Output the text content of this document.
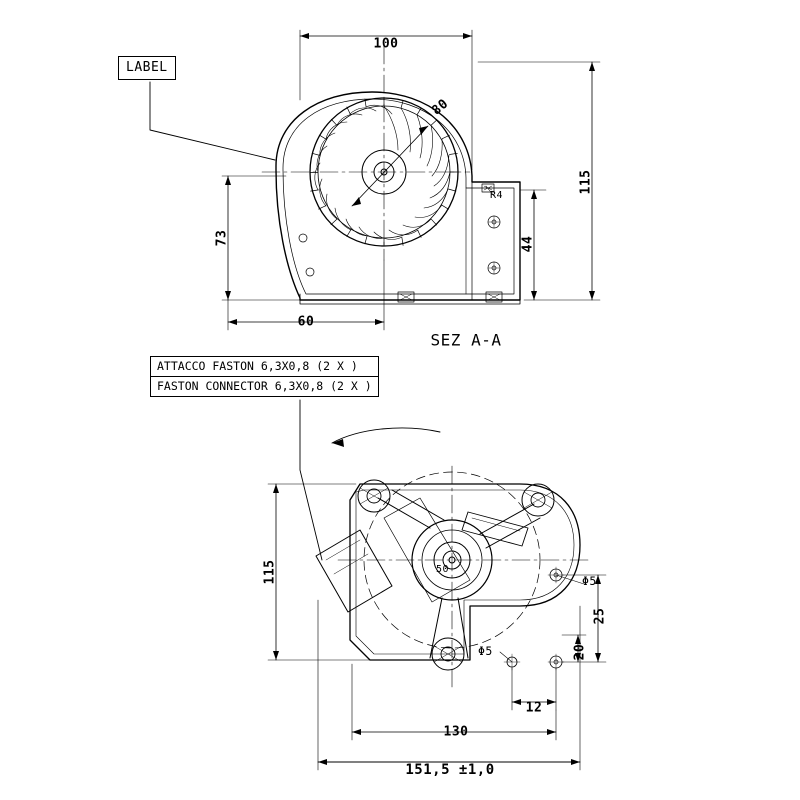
LABEL
100
80
115
44
73
60
R4
SEZ A-A
ATTACCO FASTON 6,3X0,8 (2 X )
FASTON CONNECTOR 6,3X0,8 (2 X )
115	50
Φ5
Φ5
25
20
12
130
151,5 ±1,0
